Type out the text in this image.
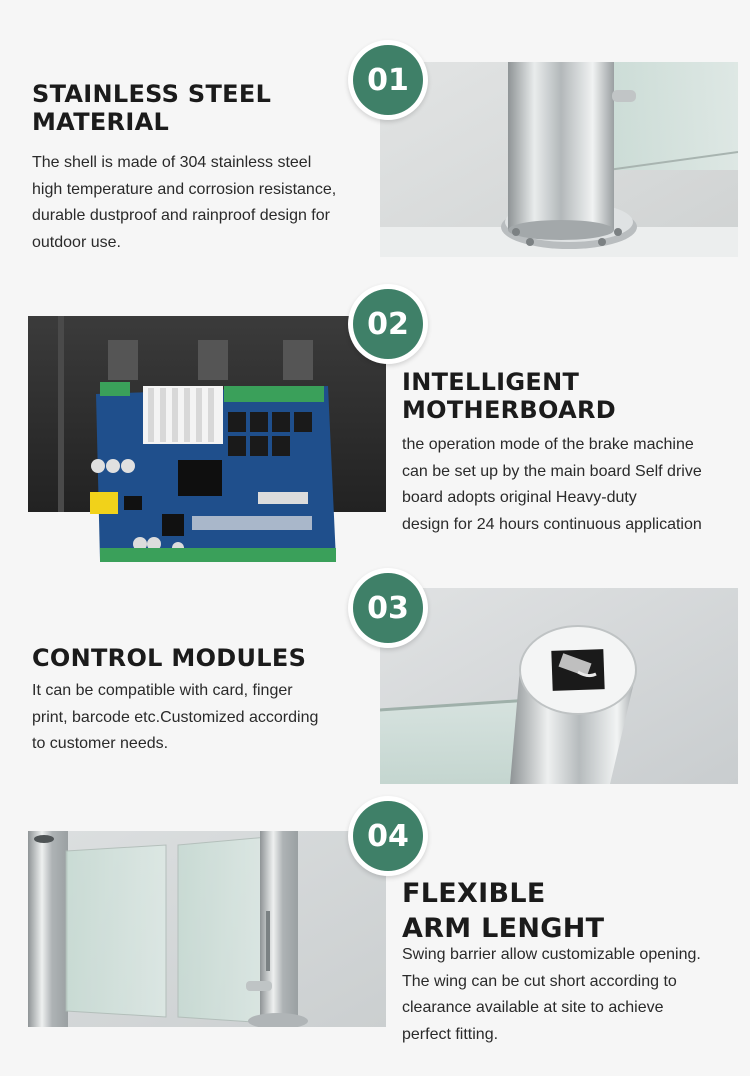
STAINLESS STEEL
MATERIAL

The shell is made of 304 stainless steel
high temperature and corrosion resistance,
durable dustproof and rainproof design for
outdoor use.

01
02
INTELLIGENT
MOTHERBOARD

the operation mode of the brake machine
can be set up by the main board Self drive
board adopts original Heavy-duty
design for 24 hours continuous application

CONTROL MODULES

It can be compatible with card, finger
print, barcode etc.Customized according
to customer needs.

03
04
FLEXIBLE
ARM LENGHT

Swing barrier allow customizable opening.
The wing can be cut short according to
clearance available at site to achieve
perfect fitting.
